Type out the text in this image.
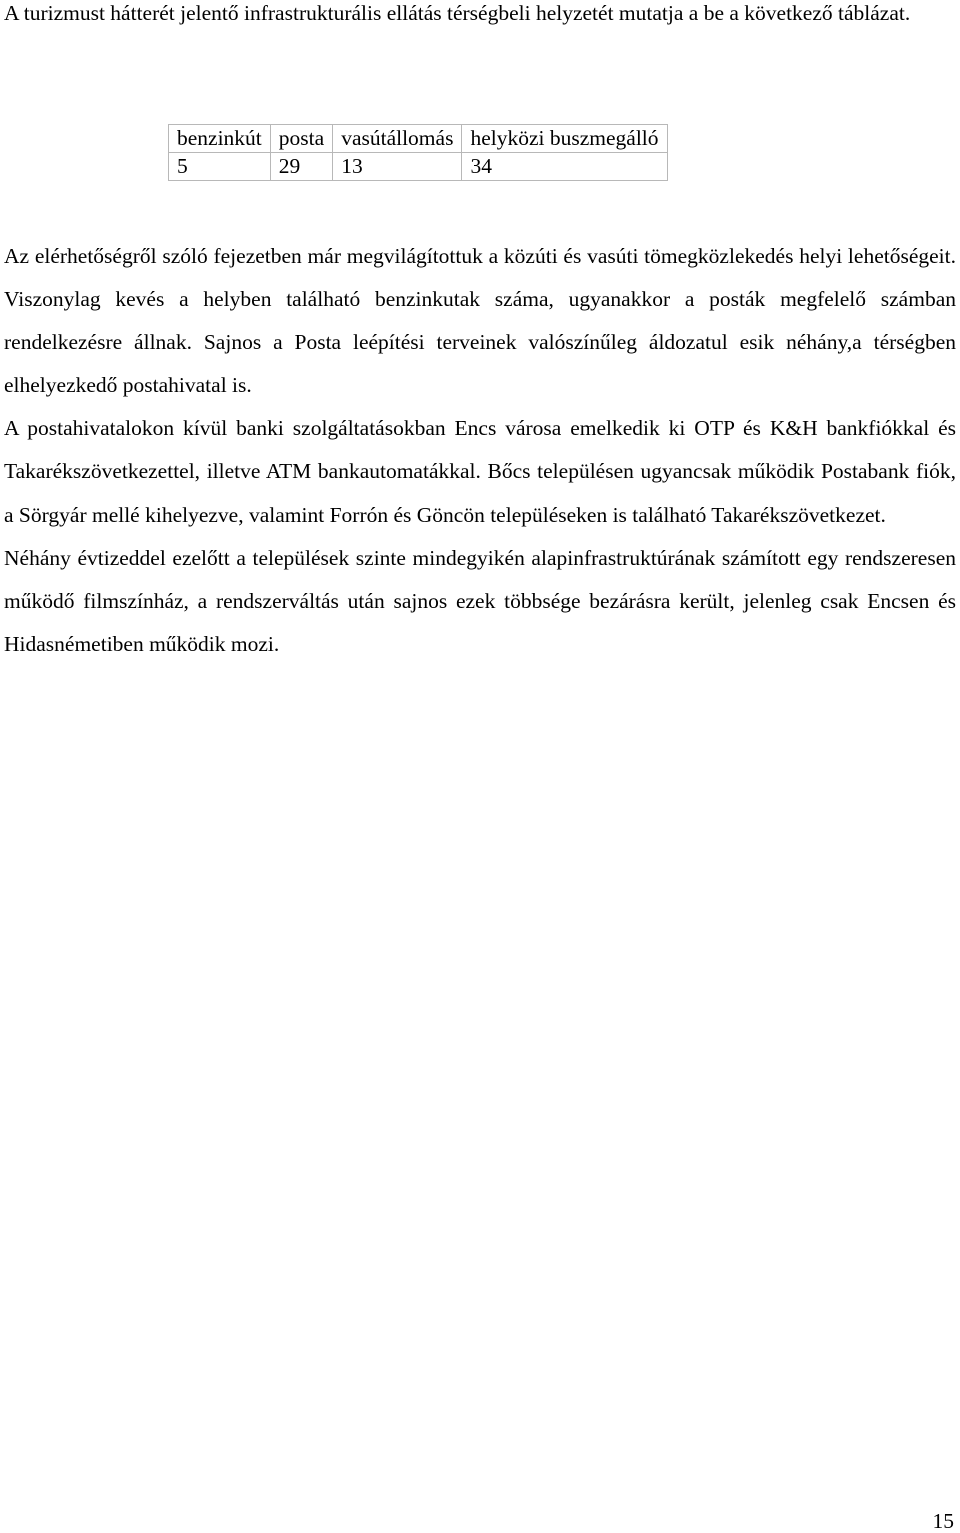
A turizmust hátterét jelentő infrastrukturális ellátás térségbeli helyzetét mutatja a be a következő táblázat.

benzinkút	posta	vasútállomás	helyközi buszmegálló
5	29	13	34

Az elérhetőségről szóló fejezetben már megvilágítottuk a közúti és vasúti tömegközlekedés helyi lehetőségeit. Viszonylag kevés a helyben található benzinkutak száma, ugyanakkor a posták megfelelő számban rendelkezésre állnak. Sajnos a Posta leépítési terveinek valószínűleg áldozatul esik néhány,a térségben elhelyezkedő postahivatal is.

A postahivatalokon kívül banki szolgáltatásokban Encs városa emelkedik ki OTP és K&H bankfiókkal és Takarékszövetkezettel, illetve ATM bankautomatákkal. Bőcs településen ugyancsak működik Postabank fiók, a Sörgyár mellé kihelyezve, valamint Forrón és Göncön településeken is található Takarékszövetkezet.

Néhány évtizeddel ezelőtt a települések szinte mindegyikén alapinfrastruktúrának számított egy rendszeresen működő filmszínház, a rendszerváltás után sajnos ezek többsége bezárásra került, jelenleg csak Encsen és Hidasnémetiben működik mozi.

15
